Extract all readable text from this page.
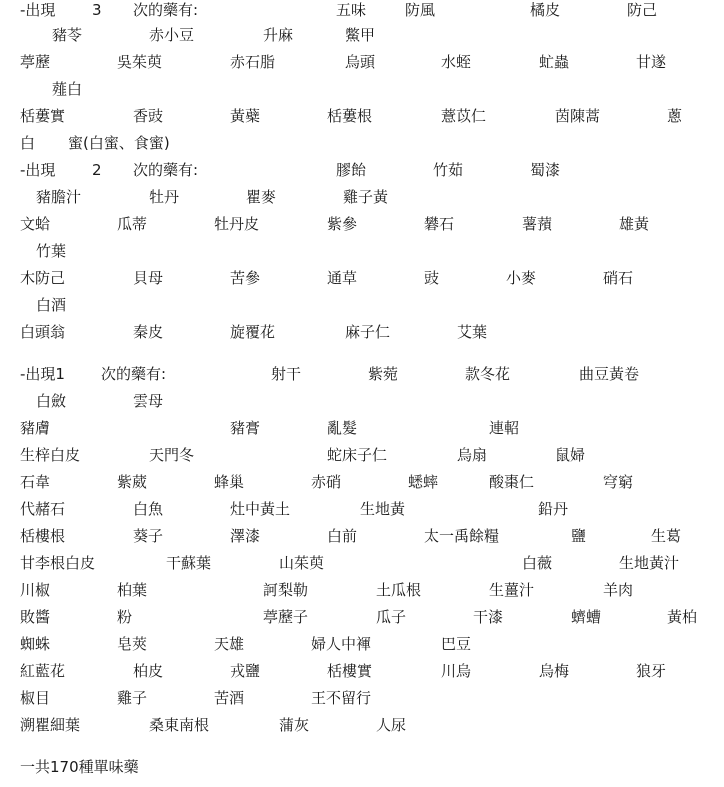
-出現 3 次的藥有:	五味	防風	橘皮	防己
豬苓	赤小豆	升麻	鱉甲
葶藶	吳茱萸	赤石脂	烏頭	水蛭	虻蟲	甘遂
薤白
栝蔞實	香豉	黃蘗	栝蔞根	薏苡仁	茵陳蒿	蔥
白 蜜(白蜜、食蜜)
-出現 2 次的藥有:	膠飴	竹茹	蜀漆
豬膽汁	牡丹	瞿麥	雞子黃
文蛤	瓜蒂	牡丹皮	紫參	礬石	薯蕷	雄黃
竹葉
木防己	貝母	苦參	通草	豉	小麥	硝石
白酒
白頭翁	秦皮	旋覆花	麻子仁	艾葉
-出現1 次的藥有:	射干	紫菀	款冬花	曲豆黃卷
白斂	雲母
豬膚	豬膏	亂髮	連軺
生梓白皮	天門冬	蛇床子仁	烏扇	鼠婦
石韋	紫葳	蜂巢	赤硝	蟋蟀	酸棗仁	穹窮
代赭石	白魚	灶中黃土	生地黃	鉛丹
栝樓根	葵子	澤漆	白前	太一禹餘糧	鹽	生葛
甘李根白皮	干蘇葉	山茱萸	白薇	生地黃汁
川椒	柏葉	訶梨勒	土瓜根	生薑汁	羊肉
敗醬	粉	葶藶子	瓜子	干漆	蠐螬	黃柏
蜘蛛	皂莢	天雄	婦人中褌	巴豆
紅藍花	柏皮	戎鹽	栝樓實	川烏	烏梅	狼牙
椒目	雞子	苦酒	王不留行
溯瞿細葉	桑東南根	蒲灰	人尿
一共170種單味藥
